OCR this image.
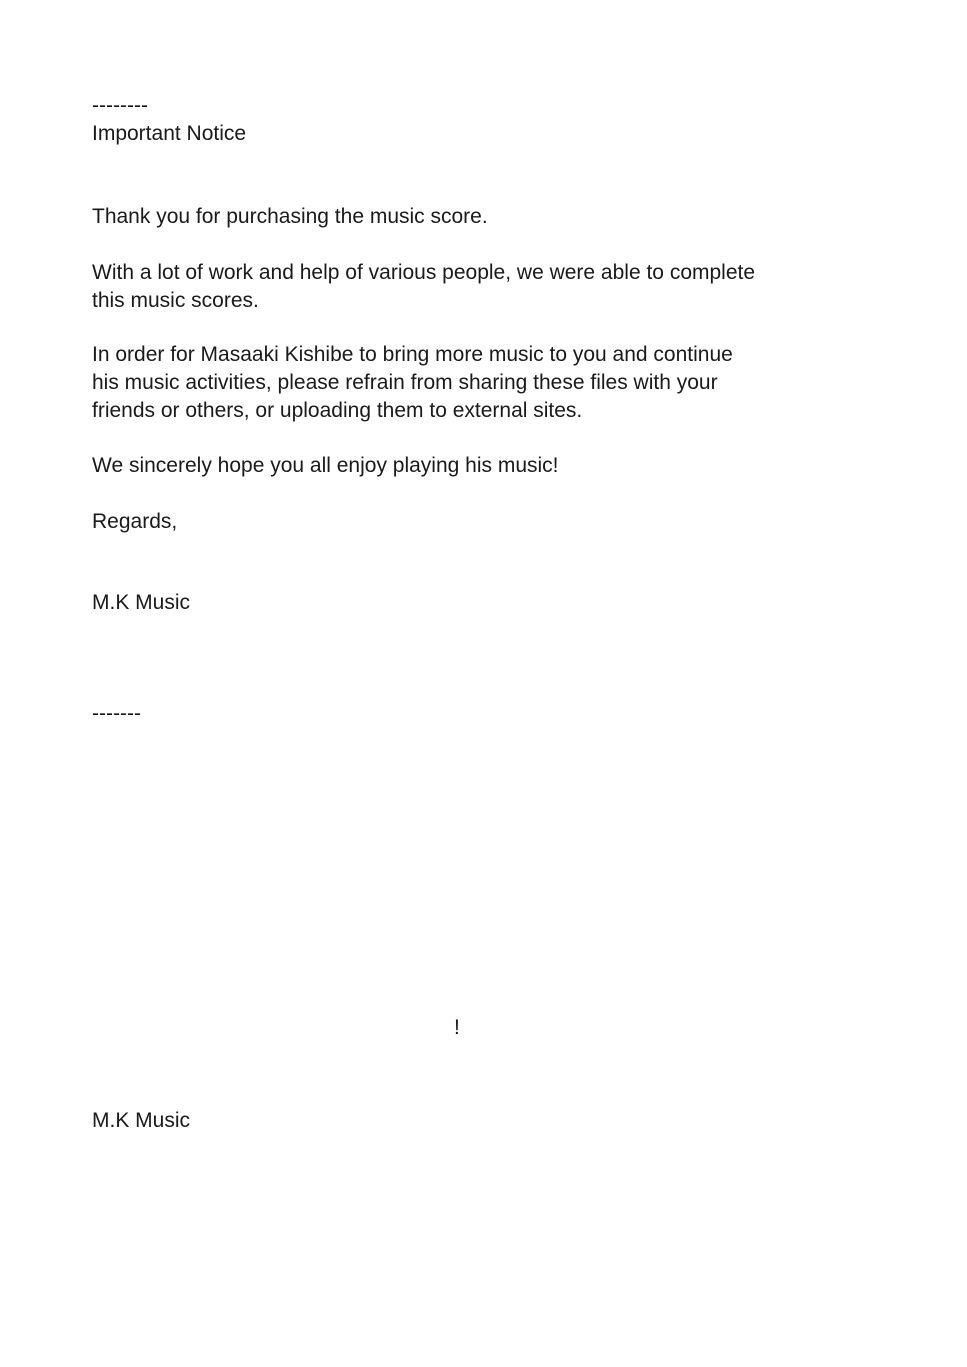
--------

Important Notice

Thank you for purchasing the music score.

With a lot of work and help of various people, we were able to complete
this music scores.
In order for Masaaki Kishibe to bring more music to you and continue
his music activities, please refrain from sharing these files with your
friends or others, or uploading them to external sites.

We sincerely hope you all enjoy playing his music!

Regards,

M.K Music

-------

!

M.K Music
